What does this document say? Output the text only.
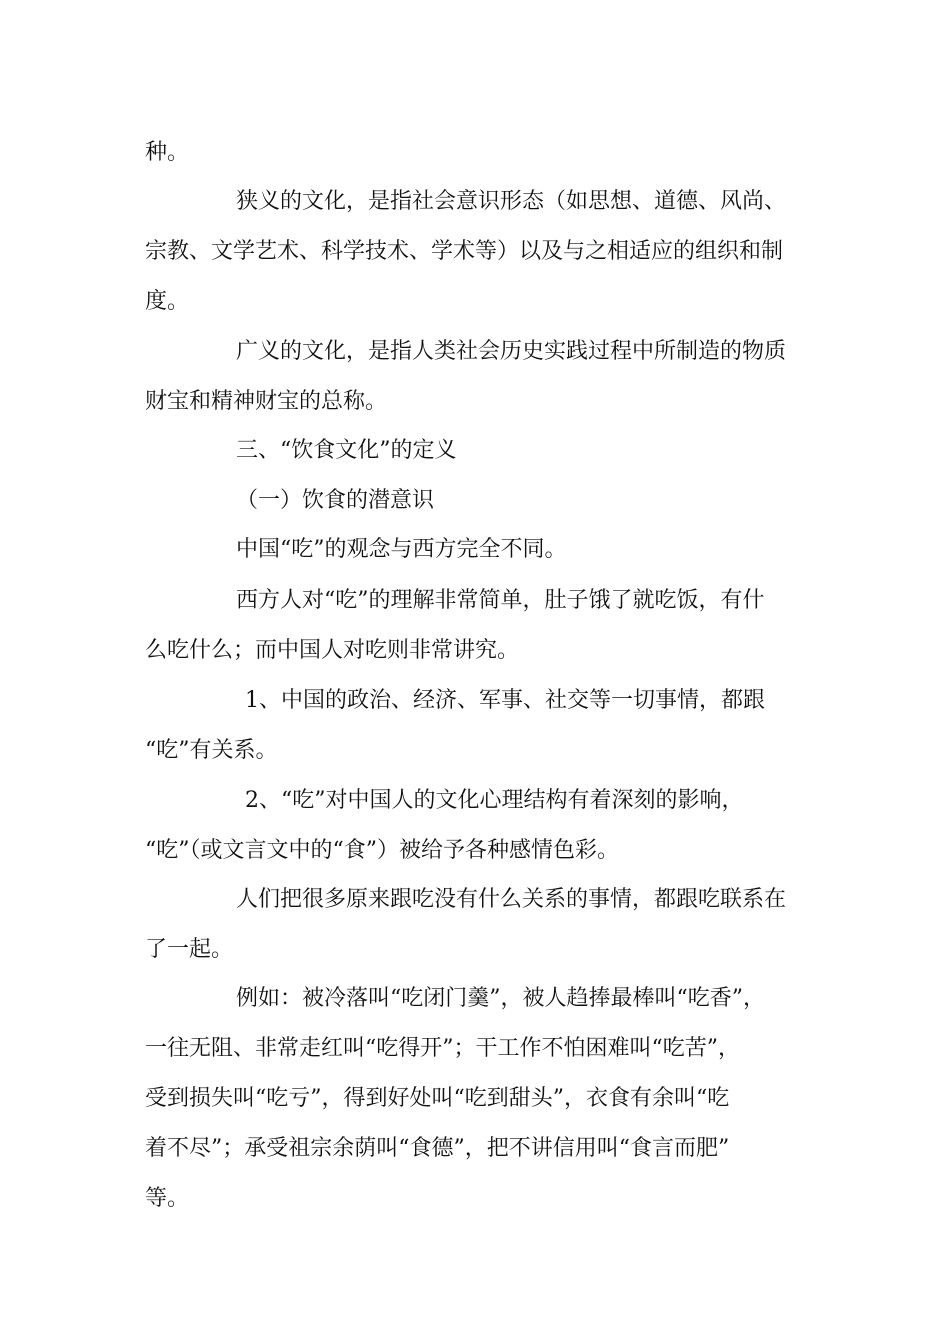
种。
狭义的文化，是指社会意识形态（如思想、道德、风尚、
宗教、文学艺术、科学技术、学术等）以及与之相适应的组织和制
度。
广义的文化，是指人类社会历史实践过程中所制造的物质
财宝和精神财宝的总称。
三、“饮食文化”的定义
（一）饮食的潜意识
中国“吃”的观念与西方完全不同。
西方人对“吃”的理解非常简单，肚子饿了就吃饭，有什
么吃什么；而中国人对吃则非常讲究。
1、中国的政治、经济、军事、社交等一切事情，都跟
“吃”有关系。
2、“吃”对中国人的文化心理结构有着深刻的影响，
“吃”（或文言文中的“食”）被给予各种感情色彩。
人们把很多原来跟吃没有什么关系的事情，都跟吃联系在
了一起。
例如：被冷落叫“吃闭门羹”，被人趋捧最棒叫“吃香”，
一往无阻、非常走红叫“吃得开”；干工作不怕困难叫“吃苦”，
受到损失叫“吃亏”，得到好处叫“吃到甜头”，衣食有余叫“吃
着不尽”；承受祖宗余荫叫“食德”，把不讲信用叫“食言而肥”
等。
